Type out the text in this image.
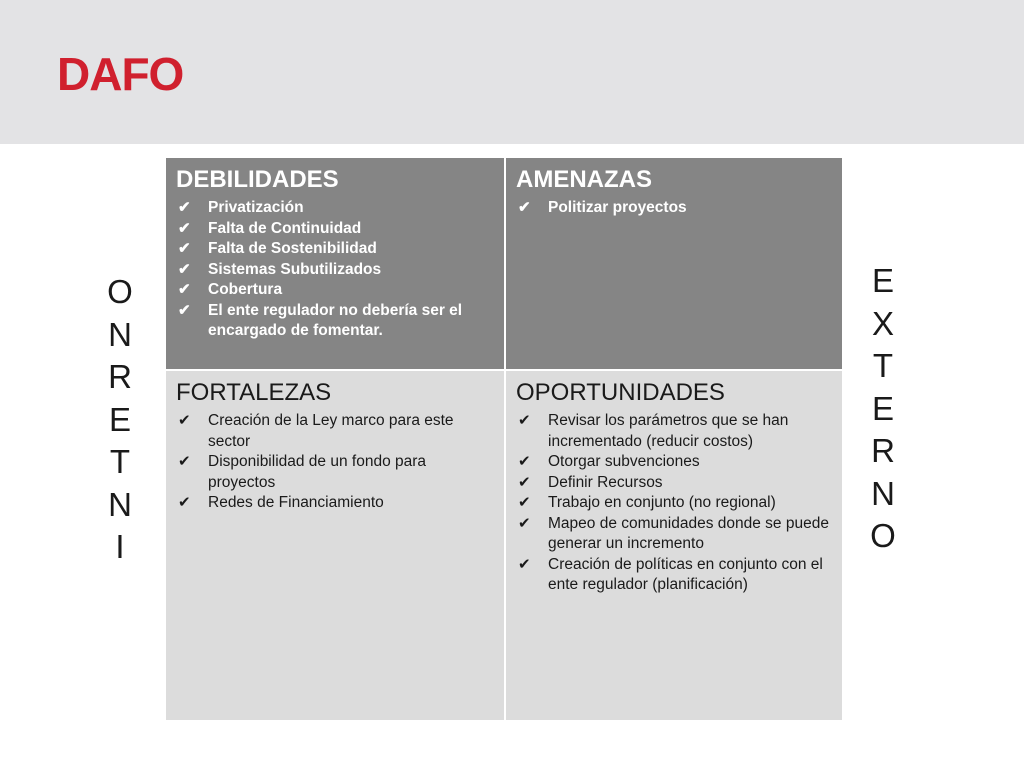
DAFO
O
N
R
E
T
N
I
E
X
T
E
R
N
O
DEBILIDADES
✔ Privatización
✔ Falta de Continuidad
✔ Falta de Sostenibilidad
✔ Sistemas Subutilizados
✔ Cobertura
✔ El ente regulador no debería ser el encargado de fomentar.
AMENAZAS
✔ Politizar proyectos
FORTALEZAS
✔ Creación de la Ley marco para este sector
✔ Disponibilidad de un fondo para proyectos
✔ Redes de Financiamiento
OPORTUNIDADES
✔ Revisar los parámetros que se han incrementado (reducir costos)
✔ Otorgar subvenciones
✔ Definir Recursos
✔ Trabajo en conjunto (no regional)
✔ Mapeo de comunidades donde se puede generar un incremento
✔ Creación de políticas en conjunto con el ente regulador (planificación)
